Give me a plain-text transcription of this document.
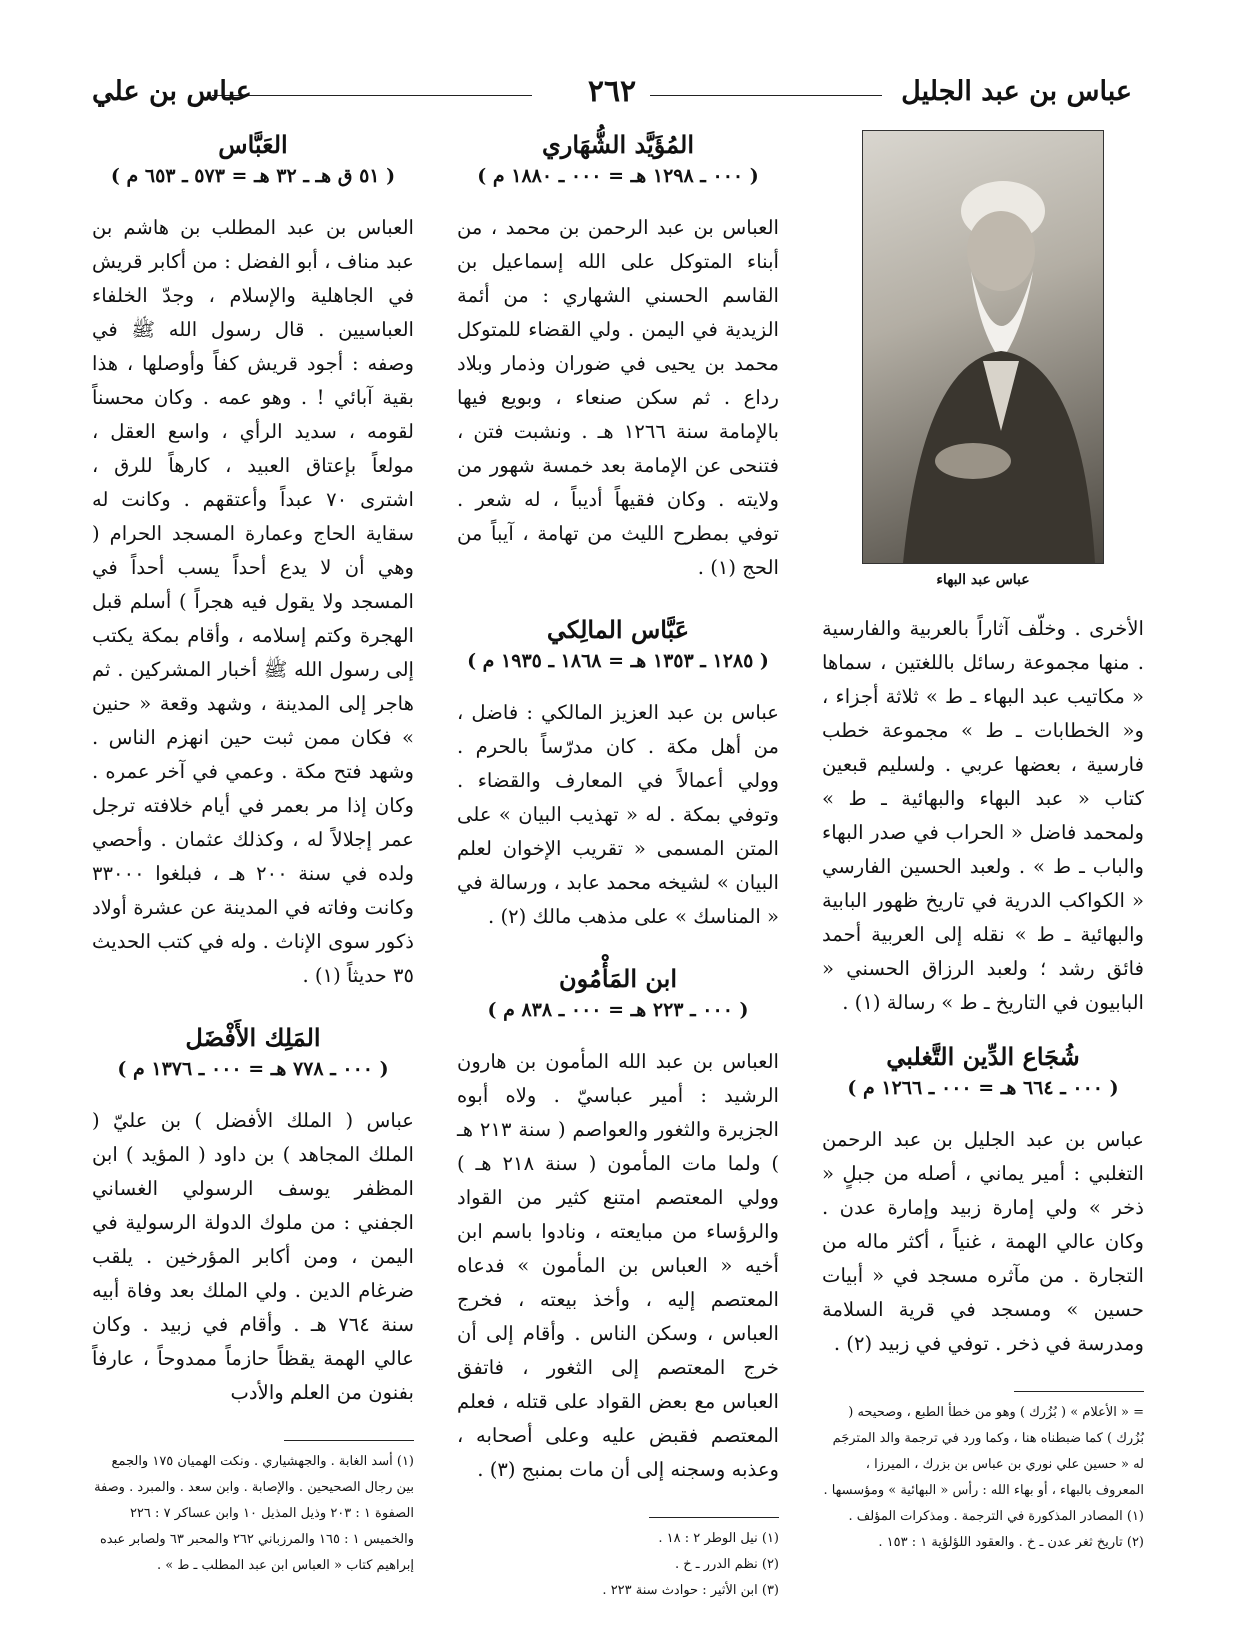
عباس بن عبد الجليل
٢٦٢
عباس بن علي
عباس عبد البهاء

الأخرى . وخلّف آثاراً بالعربية والفارسية . منها مجموعة رسائل باللغتين ، سماها « مكاتيب عبد البهاء ـ ط » ثلاثة أجزاء ، و« الخطابات ـ ط » مجموعة خطب فارسية ، بعضها عربي . ولسليم قبعين كتاب « عبد البهاء والبهائية ـ ط » ولمحمد فاضل « الحراب في صدر البهاء والباب ـ ط » . ولعبد الحسين الفارسي « الكواكب الدرية في تاريخ ظهور البابية والبهائية ـ ط » نقله إلى العربية أحمد فائق رشد ؛ ولعبد الرزاق الحسني « البابيون في التاريخ ـ ط » رسالة (١) .

شُجَاع الدِّين التَّغلبي
( ٠٠٠ ـ ٦٦٤ هـ = ٠٠٠ ـ ١٢٦٦ م )

عباس بن عبد الجليل بن عبد الرحمن التغلبي : أمير يماني ، أصله من جبلٍ « ذخر » ولي إمارة زبيد وإمارة عدن . وكان عالي الهمة ، غنياً ، أكثر ماله من التجارة . من مآثره مسجد في « أبيات حسين » ومسجد في قرية السلامة ومدرسة في ذخر . توفي في زبيد (٢) .

= « الأعلام » ( بُزُرك ) وهو من خطأ الطبع ، وصحيحه ( بُزُرك ) كما ضبطناه هنا ، وكما ورد في ترجمة والد المترجَم له « حسين علي نوري بن عباس بن بزرك ، الميرزا ، المعروف بالبهاء ، أو بهاء الله : رأس « البهائية » ومؤسسها .

(١) المصادر المذكورة في الترجمة . ومذكرات المؤلف .

(٢) تاريخ ثغر عدن ـ خ . والعقود اللؤلؤية ١ : ١٥٣ .

المُؤَيَّد الشُّهَاري
( ٠٠٠ ـ ١٢٩٨ هـ = ٠٠٠ ـ ١٨٨٠ م )

العباس بن عبد الرحمن بن محمد ، من أبناء المتوكل على الله إسماعيل بن القاسم الحسني الشهاري : من أئمة الزيدية في اليمن . ولي القضاء للمتوكل محمد بن يحيى في ضوران وذمار وبلاد رداع . ثم سكن صنعاء ، وبويع فيها بالإمامة سنة ١٢٦٦ هـ . ونشبت فتن ، فتنحى عن الإمامة بعد خمسة شهور من ولايته . وكان فقيهاً أديباً ، له شعر . توفي بمطرح الليث من تهامة ، آيباً من الحج (١) .

عَبَّاس المالِكي
( ١٢٨٥ ـ ١٣٥٣ هـ = ١٨٦٨ ـ ١٩٣٥ م )

عباس بن عبد العزيز المالكي : فاضل ، من أهل مكة . كان مدرّساً بالحرم . وولي أعمالاً في المعارف والقضاء . وتوفي بمكة . له « تهذيب البيان » على المتن المسمى « تقريب الإخوان لعلم البيان » لشيخه محمد عابد ، ورسالة في « المناسك » على مذهب مالك (٢) .

ابن المَأْمُون
( ٠٠٠ ـ ٢٢٣ هـ = ٠٠٠ ـ ٨٣٨ م )

العباس بن عبد الله المأمون بن هارون الرشيد : أمير عباسيّ . ولاه أبوه الجزيرة والثغور والعواصم ( سنة ٢١٣ هـ ) ولما مات المأمون ( سنة ٢١٨ هـ ) وولي المعتصم امتنع كثير من القواد والرؤساء من مبايعته ، ونادوا باسم ابن أخيه « العباس بن المأمون » فدعاه المعتصم إليه ، وأخذ بيعته ، فخرج العباس ، وسكن الناس . وأقام إلى أن خرج المعتصم إلى الثغور ، فاتفق العباس مع بعض القواد على قتله ، فعلم المعتصم فقبض عليه وعلى أصحابه ، وعذبه وسجنه إلى أن مات بمنبج (٣) .

(١) نيل الوطر ٢ : ١٨ .

(٢) نظم الدرر ـ خ .

(٣) ابن الأثير : حوادث سنة ٢٢٣ .

العَبَّاس
( ٥١ ق هـ ـ ٣٢ هـ = ٥٧٣ ـ ٦٥٣ م )

العباس بن عبد المطلب بن هاشم بن عبد مناف ، أبو الفضل : من أكابر قريش في الجاهلية والإسلام ، وجدّ الخلفاء العباسيين . قال رسول الله ﷺ في وصفه : أجود قريش كفاً وأوصلها ، هذا بقية آبائي ! . وهو عمه . وكان محسناً لقومه ، سديد الرأي ، واسع العقل ، مولعاً بإعتاق العبيد ، كارهاً للرق ، اشترى ٧٠ عبداً وأعتقهم . وكانت له سقاية الحاج وعمارة المسجد الحرام ( وهي أن لا يدع أحداً يسب أحداً في المسجد ولا يقول فيه هجراً ) أسلم قبل الهجرة وكتم إسلامه ، وأقام بمكة يكتب إلى رسول الله ﷺ أخبار المشركين . ثم هاجر إلى المدينة ، وشهد وقعة « حنين » فكان ممن ثبت حين انهزم الناس . وشهد فتح مكة . وعمي في آخر عمره . وكان إذا مر بعمر في أيام خلافته ترجل عمر إجلالاً له ، وكذلك عثمان . وأحصي ولده في سنة ٢٠٠ هـ ، فبلغوا ٣٣٠٠٠ وكانت وفاته في المدينة عن عشرة أولاد ذكور سوى الإناث . وله في كتب الحديث ٣٥ حديثاً (١) .

المَلِك الأَفْضَل
( ٠٠٠ ـ ٧٧٨ هـ = ٠٠٠ ـ ١٣٧٦ م )

عباس ( الملك الأفضل ) بن عليّ ( الملك المجاهد ) بن داود ( المؤيد ) ابن المظفر يوسف الرسولي الغساني الجفني : من ملوك الدولة الرسولية في اليمن ، ومن أكابر المؤرخين . يلقب ضرغام الدين . ولي الملك بعد وفاة أبيه سنة ٧٦٤ هـ . وأقام في زبيد . وكان عالي الهمة يقظاً حازماً ممدوحاً ، عارفاً بفنون من العلم والأدب

(١) أسد الغابة . والجهشياري . ونكت الهميان ١٧٥ والجمع بين رجال الصحيحين . والإصابة . وابن سعد . والمبرد . وصفة الصفوة ١ : ٢٠٣ وذيل المذيل ١٠ وابن عساكر ٧ : ٢٢٦ والخميس ١ : ١٦٥ والمرزباني ٢٦٢ والمحبر ٦٣ ولصابر عبده إبراهيم كتاب « العباس ابن عبد المطلب ـ ط » .
